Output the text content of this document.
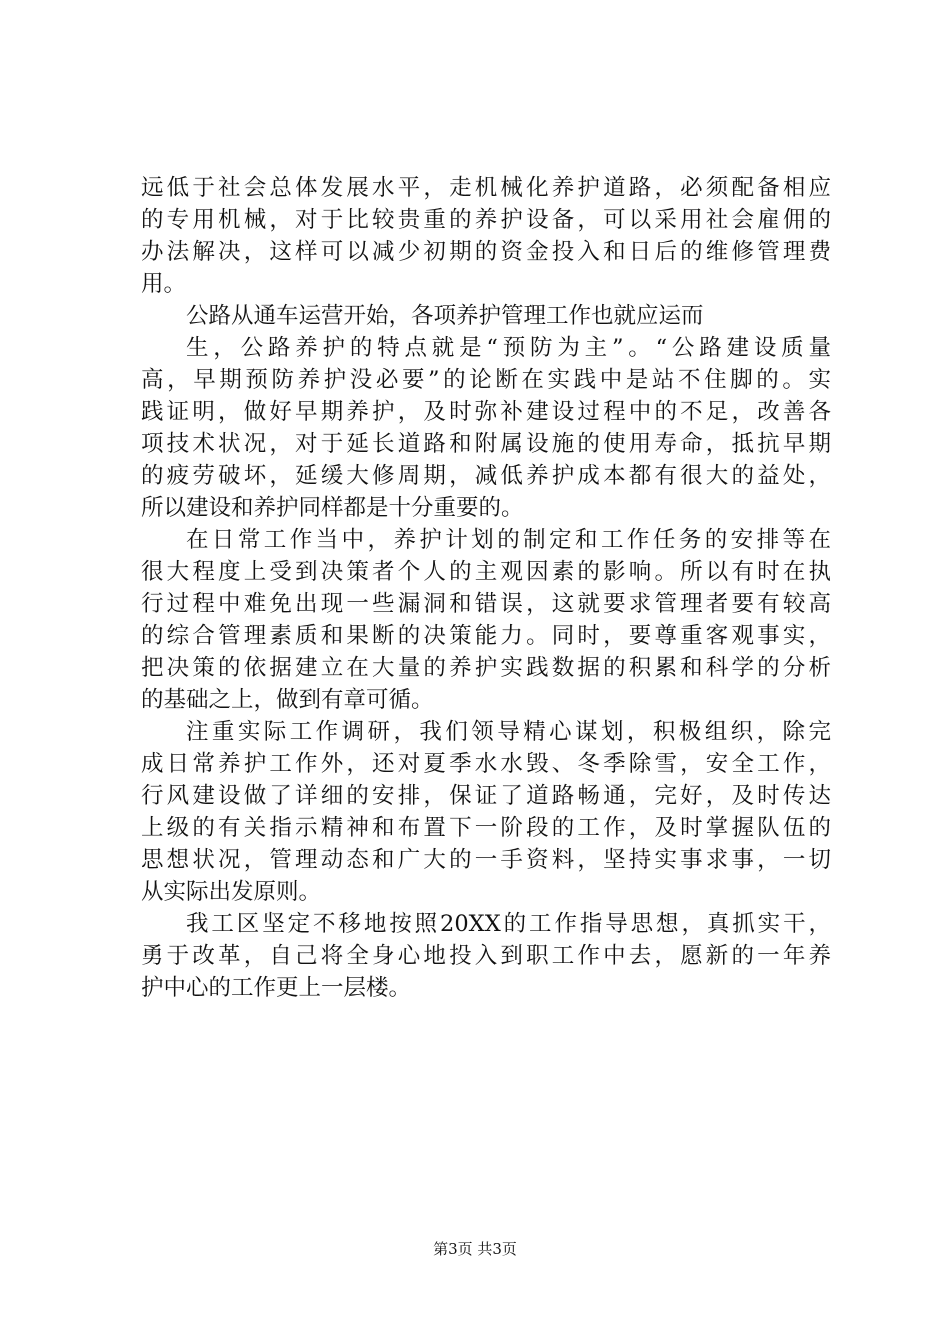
远低于社会总体发展水平，走机械化养护道路，必须配备相应
的专用机械，对于比较贵重的养护设备，可以采用社会雇佣的
办法解决，这样可以减少初期的资金投入和日后的维修管理费
用。
公路从通车运营开始，各项养护管理工作也就应运而
生，公路养护的特点就是“预防为主”。“公路建设质量
高，早期预防养护没必要”的论断在实践中是站不住脚的。实
践证明，做好早期养护，及时弥补建设过程中的不足，改善各
项技术状况，对于延长道路和附属设施的使用寿命，抵抗早期
的疲劳破坏，延缓大修周期，减低养护成本都有很大的益处，
所以建设和养护同样都是十分重要的。
在日常工作当中，养护计划的制定和工作任务的安排等在
很大程度上受到决策者个人的主观因素的影响。所以有时在执
行过程中难免出现一些漏洞和错误，这就要求管理者要有较高
的综合管理素质和果断的决策能力。同时，要尊重客观事实，
把决策的依据建立在大量的养护实践数据的积累和科学的分析
的基础之上，做到有章可循。
注重实际工作调研，我们领导精心谋划，积极组织，除完
成日常养护工作外，还对夏季水水毁、冬季除雪，安全工作，
行风建设做了详细的安排，保证了道路畅通，完好，及时传达
上级的有关指示精神和布置下一阶段的工作，及时掌握队伍的
思想状况，管理动态和广大的一手资料，坚持实事求事，一切
从实际出发原则。
我工区坚定不移地按照20XX的工作指导思想，真抓实干，
勇于改革，自己将全身心地投入到职工作中去，愿新的一年养
护中心的工作更上一层楼。
第3页 共3页
